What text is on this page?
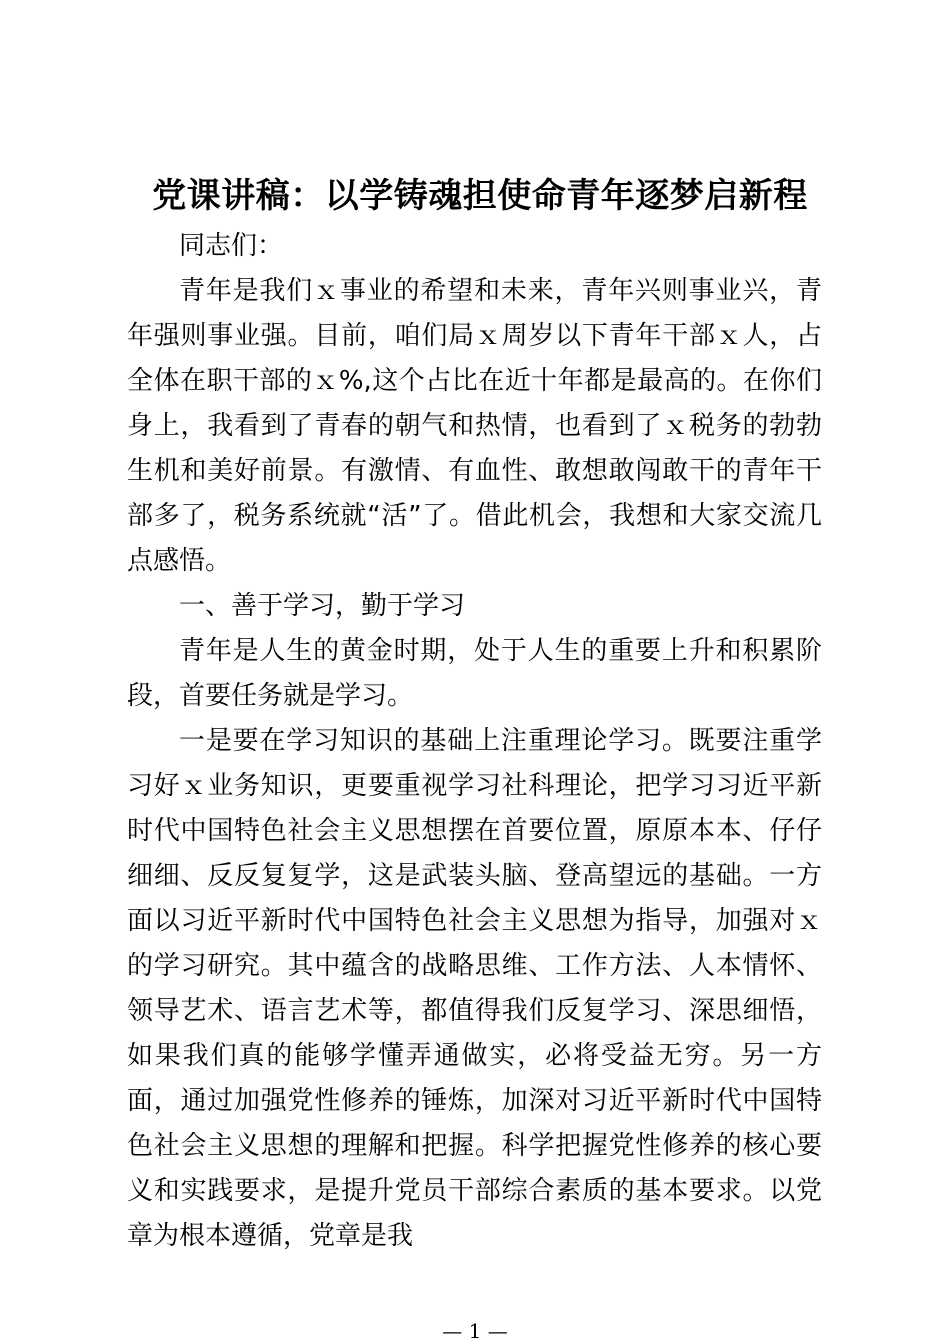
党课讲稿：以学铸魂担使命青年逐梦启新程

同志们：

青年是我们ｘ事业的希望和未来，青年兴则事业兴，青年强则事业强。目前，咱们局ｘ周岁以下青年干部ｘ人，占全体在职干部的ｘ%,这个占比在近十年都是最高的。在你们身上，我看到了青春的朝气和热情，也看到了ｘ税务的勃勃生机和美好前景。有激情、有血性、敢想敢闯敢干的青年干部多了，税务系统就“活”了。借此机会，我想和大家交流几点感悟。

一、善于学习，勤于学习

青年是人生的黄金时期，处于人生的重要上升和积累阶段，首要任务就是学习。

一是要在学习知识的基础上注重理论学习。既要注重学习好ｘ业务知识，更要重视学习社科理论，把学习习近平新时代中国特色社会主义思想摆在首要位置，原原本本、仔仔细细、反反复复学，这是武装头脑、登高望远的基础。一方面以习近平新时代中国特色社会主义思想为指导，加强对ｘ的学习研究。其中蕴含的战略思维、工作方法、人本情怀、领导艺术、语言艺术等，都值得我们反复学习、深思细悟，如果我们真的能够学懂弄通做实，必将受益无穷。另一方面，通过加强党性修养的锤炼，加深对习近平新时代中国特色社会主义思想的理解和把握。科学把握党性修养的核心要义和实践要求，是提升党员干部综合素质的基本要求。以党章为根本遵循，党章是我

— 1 —
